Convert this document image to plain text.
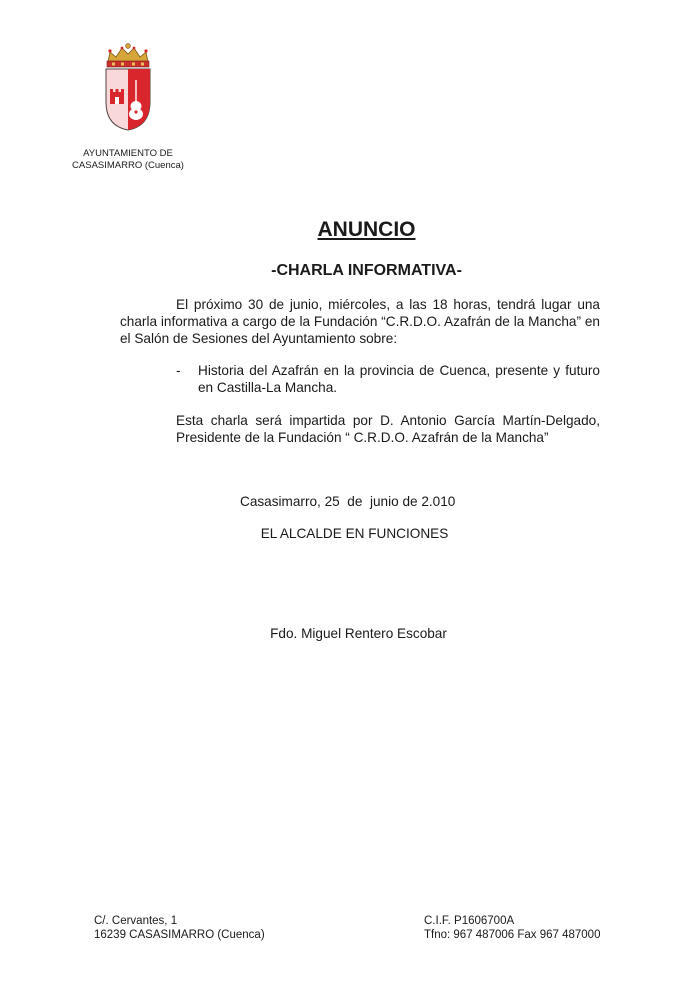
AYUNTAMIENTO DE
CASASIMARRO (Cuenca)
ANUNCIO
-CHARLA INFORMATIVA-
El próximo 30 de junio, miércoles, a las 18 horas, tendrá lugar una charla informativa a cargo de la Fundación “C.R.D.O. Azafrán de la Mancha” en el Salón de Sesiones del Ayuntamiento sobre:
- Historia del Azafrán en la provincia de Cuenca, presente y futuro en Castilla-La Mancha.
Esta charla será impartida por D. Antonio García Martín-Delgado,
Presidente de la Fundación “ C.R.D.O. Azafrán de la Mancha”
Casasimarro, 25  de  junio de 2.010
EL ALCALDE EN FUNCIONES
Fdo. Miguel Rentero Escobar
C/. Cervantes, 1
16239 CASASIMARRO (Cuenca)
C.I.F. P1606700A
Tfno: 967 487006 Fax 967 487000
